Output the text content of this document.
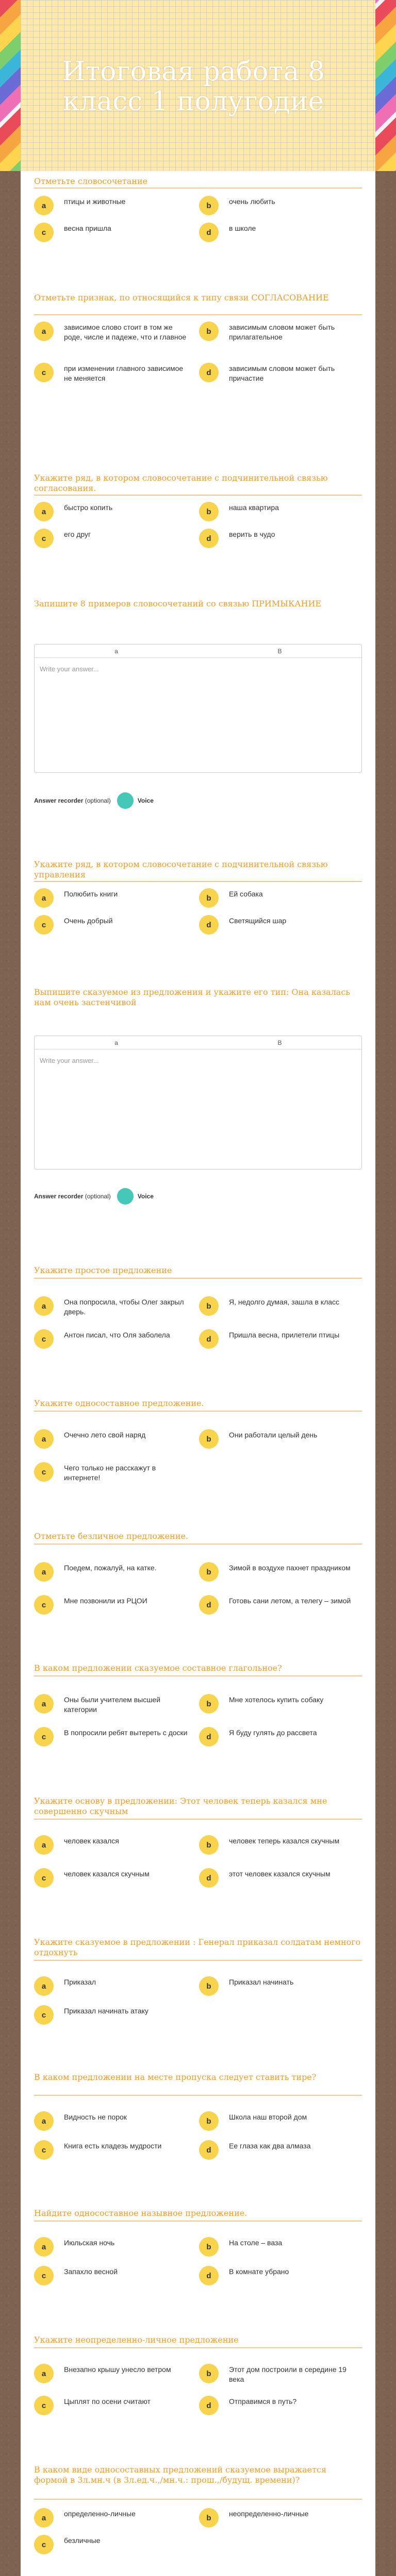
Итоговая работа 8 класс 1 полугодие
Отметьте словосочетание
a	птицы и животные	b	очень любить
c	весна пришла	d	в школе
Отметьте признак, по относящийся к типу связи СОГЛАСОВАНИЕ
a	зависимое слово стоит в том же роде, числе и падеже, что и главное
b	зависимым словом может быть прилагательное
c	при изменении главного зависимое не меняется
d	зависимым словом может быть причастие
Укажите ряд, в котором словосочетание с подчинительной связью согласования.
a	быстро копить	b	наша квартира
c	его друг	d	верить в чудо
Запишите 8 примеров словосочетаний со связью ПРИМЫКАНИЕ
a	B
Write your answer...
Answer recorder
(optional)	Voice
Укажите ряд, в котором словосочетание с подчинительной связью управления
a	Полюбить книги	b	Ей собака
c	Очень добрый	d	Светящийся шар
Выпишите сказуемое из предложения и укажите его тип: Она казалась нам очень застенчивой
a	B
Write your answer...
Answer recorder
(optional)	Voice
Укажите простое предложение
a	Она попросила, чтобы Олег закрыл дверь.
b	Я, недолго думая, зашла в класс
c	Антон писал, что Оля заболела	d	Пришла весна, прилетели птицы
Укажите односоставное предложение.
a	Очечно лето свой наряд	b	Они работали целый день
c	Чего только не расскажут в интернете!
Отметьте безличное предложение.
a	Поедем, пожалуй, на катке.	b	Зимой в воздухе пахнет праздником
c	Мне позвонили из РЦОИ	d	Готовь сани летом, а телегу – зимой
В каком предложении сказуемое составное глагольное?
a	Оны были учителем высшей категории
b	Мне хотелось купить собаку
c	В попросили ребят вытереть с доски	d	Я буду гулять до рассвета
Укажите основу в предложении: Этот человек теперь казался мне совершенно скучным
a	человек казался	b	человек теперь казался скучным
c	человек казался скучным	d	этот человек казался скучным
Укажите сказуемое в предложении : Генерал приказал солдатам немного отдохнуть
a	Приказал	b	Приказал начинать
c	Приказал начинать атаку
В каком предложении на месте пропуска следует ставить тире?
a	Видность не порок	b	Школа наш второй дом
c	Книга есть кладезь мудрости	d	Ее глаза как два алмаза
Найдите односоставное назывное предложение.
a	Июльская ночь	b	На столе – ваза
c	Запахло весной	d	В комнате убрано
Укажите неопределенно-личное предложение
a	Внезапно крышу унесло ветром	b	Этот дом построили в середине 19 века
c	Цыплят по осени считают	d	Отправимся в путь?
В каком виде односоставных предложений сказуемое выражается формой в 3л.мн.ч (в 3л.ед.ч.,/мн.ч.: прош.,/будущ. времени)?
a	определенно-личные	b	неопределенно-личные
c	безличные
